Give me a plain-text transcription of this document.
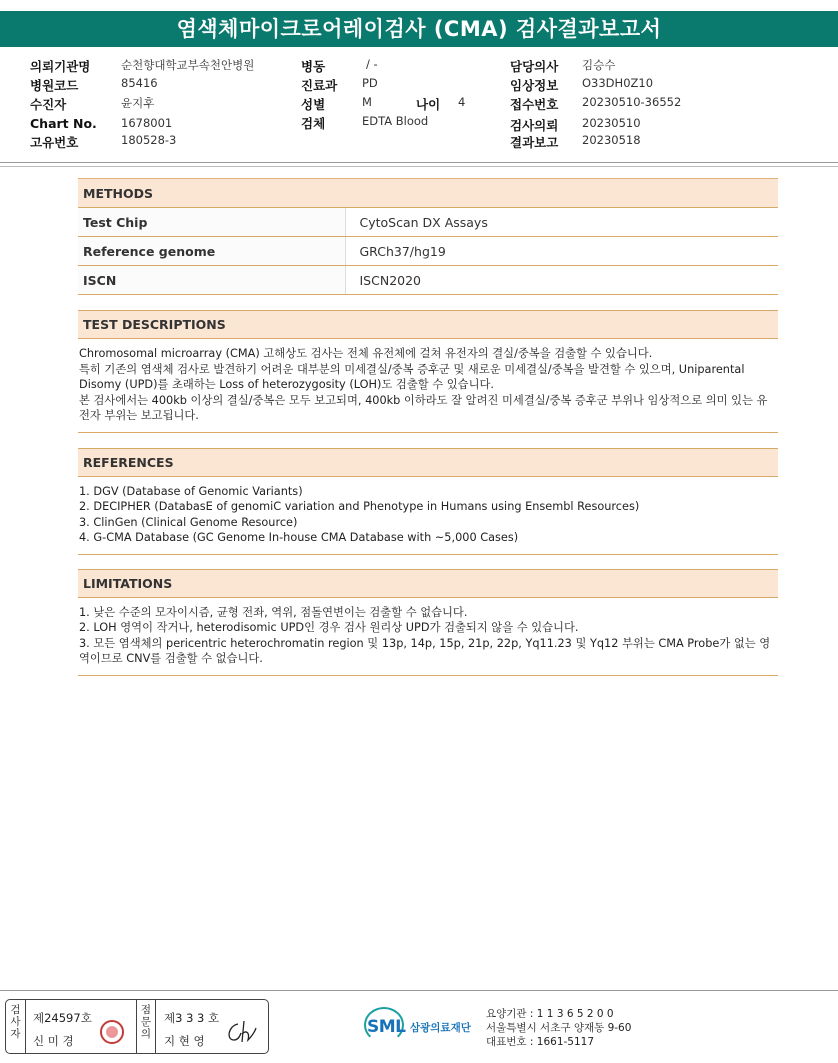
염색체마이크로어레이검사 (CMA) 검사결과보고서
의뢰기관명	순천향대학교부속천안병원
병원코드	85416
수진자	윤지후
Chart No. 1678001
고유번호	180528-3
병동	/ -
진료과 PD
성별	M	나이 4
검체	EDTA Blood
담당의사 김승수
임상정보 O33DH0Z10
접수번호 20230510-36552
검사의뢰 20230510
결과보고 20230518
METHODS	
Test Chip	CytoScan DX Assays
Reference genome	GRCh37/hg19
ISCN	ISCN2020
TEST DESCRIPTIONS

Chromosomal microarray (CMA) 고해상도 검사는 전체 유전체에 걸쳐 유전자의 결실/중복을 검출할 수 있습니다.

특히 기존의 염색체 검사로 발견하기 어려운 대부분의 미세결실/중복 증후군 및 새로운 미세결실/중복을 발견할 수 있으며, Uniparental Disomy (UPD)를 초래하는 Loss of heterozygosity (LOH)도 검출할 수 있습니다.

본 검사에서는 400kb 이상의 결실/중복은 모두 보고되며, 400kb 이하라도 잘 알려진 미세결실/중복 증후군 부위나 임상적으로 의미 있는 유전자 부위는 보고됩니다.

REFERENCES

1. DGV (Database of Genomic Variants)

2. DECIPHER (DatabasE of genomiC variation and Phenotype in Humans using Ensembl Resources)

3. ClinGen (Clinical Genome Resource)

4. G-CMA Database (GC Genome In-house CMA Database with ~5,000 Cases)

LIMITATIONS

1. 낮은 수준의 모자이시즘, 균형 전좌, 역위, 점돌연변이는 검출할 수 없습니다.

2. LOH 영역이 작거나, heterodisomic UPD인 경우 검사 원리상 UPD가 검출되지 않을 수 있습니다.

3. 모든 염색체의 pericentric heterochromatin region 및 13p, 14p, 15p, 21p, 22p, Yq11.23 및 Yq12 부위는 CMA Probe가 없는 영역이므로 CNV를 검출할 수 없습니다.

검
사
자
제24597호
신 미 경
점
문
의
제3 3 3 호
지 현 영
SML 삼광의료재단
요양기관 : 1 1 3 6 5 2 0 0
서울특별시 서초구 양재동 9-60
대표번호 : 1661-5117
